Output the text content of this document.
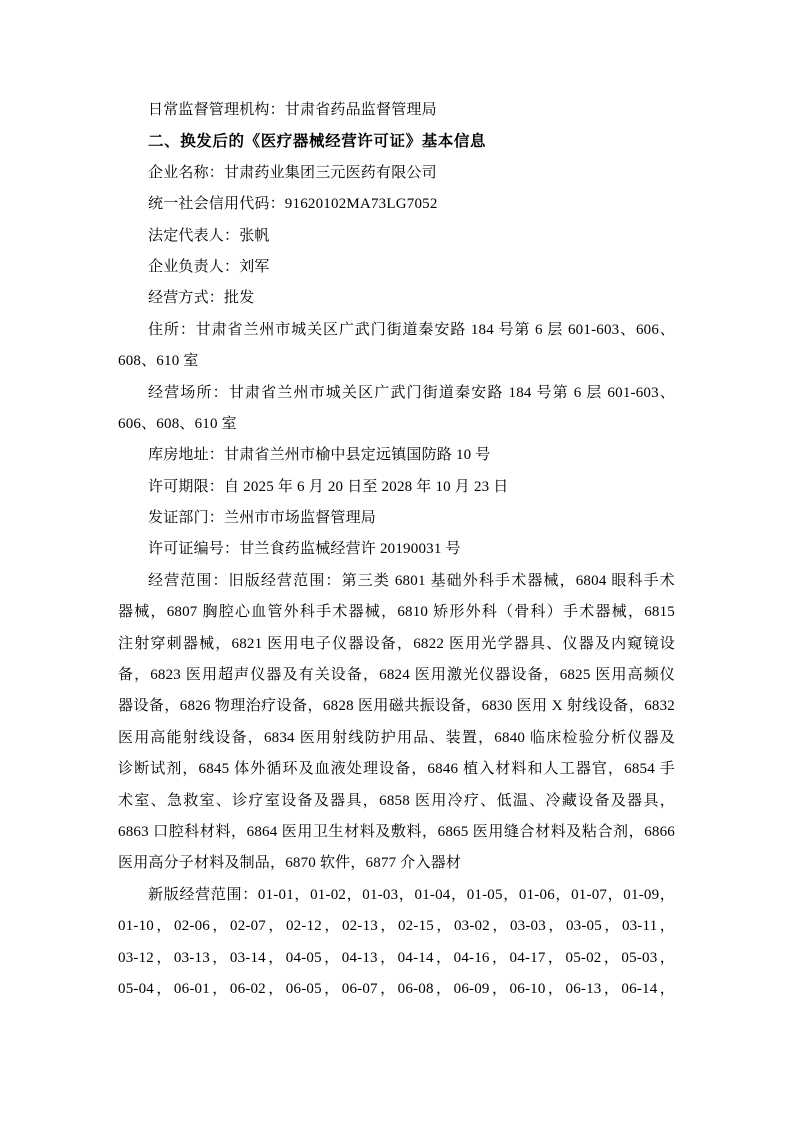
日常监督管理机构：甘肃省药品监督管理局
二、换发后的《医疗器械经营许可证》基本信息
企业名称：甘肃药业集团三元医药有限公司
统一社会信用代码：91620102MA73LG7052
法定代表人：张帆
企业负责人：刘军
经营方式：批发
住所：甘肃省兰州市城关区广武门街道秦安路 184 号第 6 层 601-603、606、
608、610 室
经营场所：甘肃省兰州市城关区广武门街道秦安路 184 号第 6 层 601-603、
606、608、610 室
库房地址：甘肃省兰州市榆中县定远镇国防路 10 号
许可期限：自 2025 年 6 月 20 日至 2028 年 10 月 23 日
发证部门：兰州市市场监督管理局
许可证编号：甘兰食药监械经营许 20190031 号
经营范围：旧版经营范围：第三类 6801 基础外科手术器械，6804 眼科手术
器械，6807 胸腔心血管外科手术器械，6810 矫形外科（骨科）手术器械，6815
注射穿刺器械，6821 医用电子仪器设备，6822 医用光学器具、仪器及内窥镜设
备，6823 医用超声仪器及有关设备，6824 医用激光仪器设备，6825 医用高频仪
器设备，6826 物理治疗设备，6828 医用磁共振设备，6830 医用 X 射线设备，6832
医用高能射线设备，6834 医用射线防护用品、装置，6840 临床检验分析仪器及
诊断试剂，6845 体外循环及血液处理设备，6846 植入材料和人工器官，6854 手
术室、急救室、诊疗室设备及器具，6858 医用冷疗、低温、冷藏设备及器具，
6863 口腔科材料，6864 医用卫生材料及敷料，6865 医用缝合材料及粘合剂，6866
医用高分子材料及制品，6870 软件，6877 介入器材
新版经营范围：01-01，01-02，01-03，01-04，01-05，01-06，01-07，01-09，
01-10，02-06，02-07，02-12，02-13，02-15，03-02，03-03，03-05，03-11，
03-12，03-13，03-14，04-05，04-13，04-14，04-16，04-17，05-02，05-03，
05-04，06-01，06-02，06-05，06-07，06-08，06-09，06-10，06-13，06-14，
